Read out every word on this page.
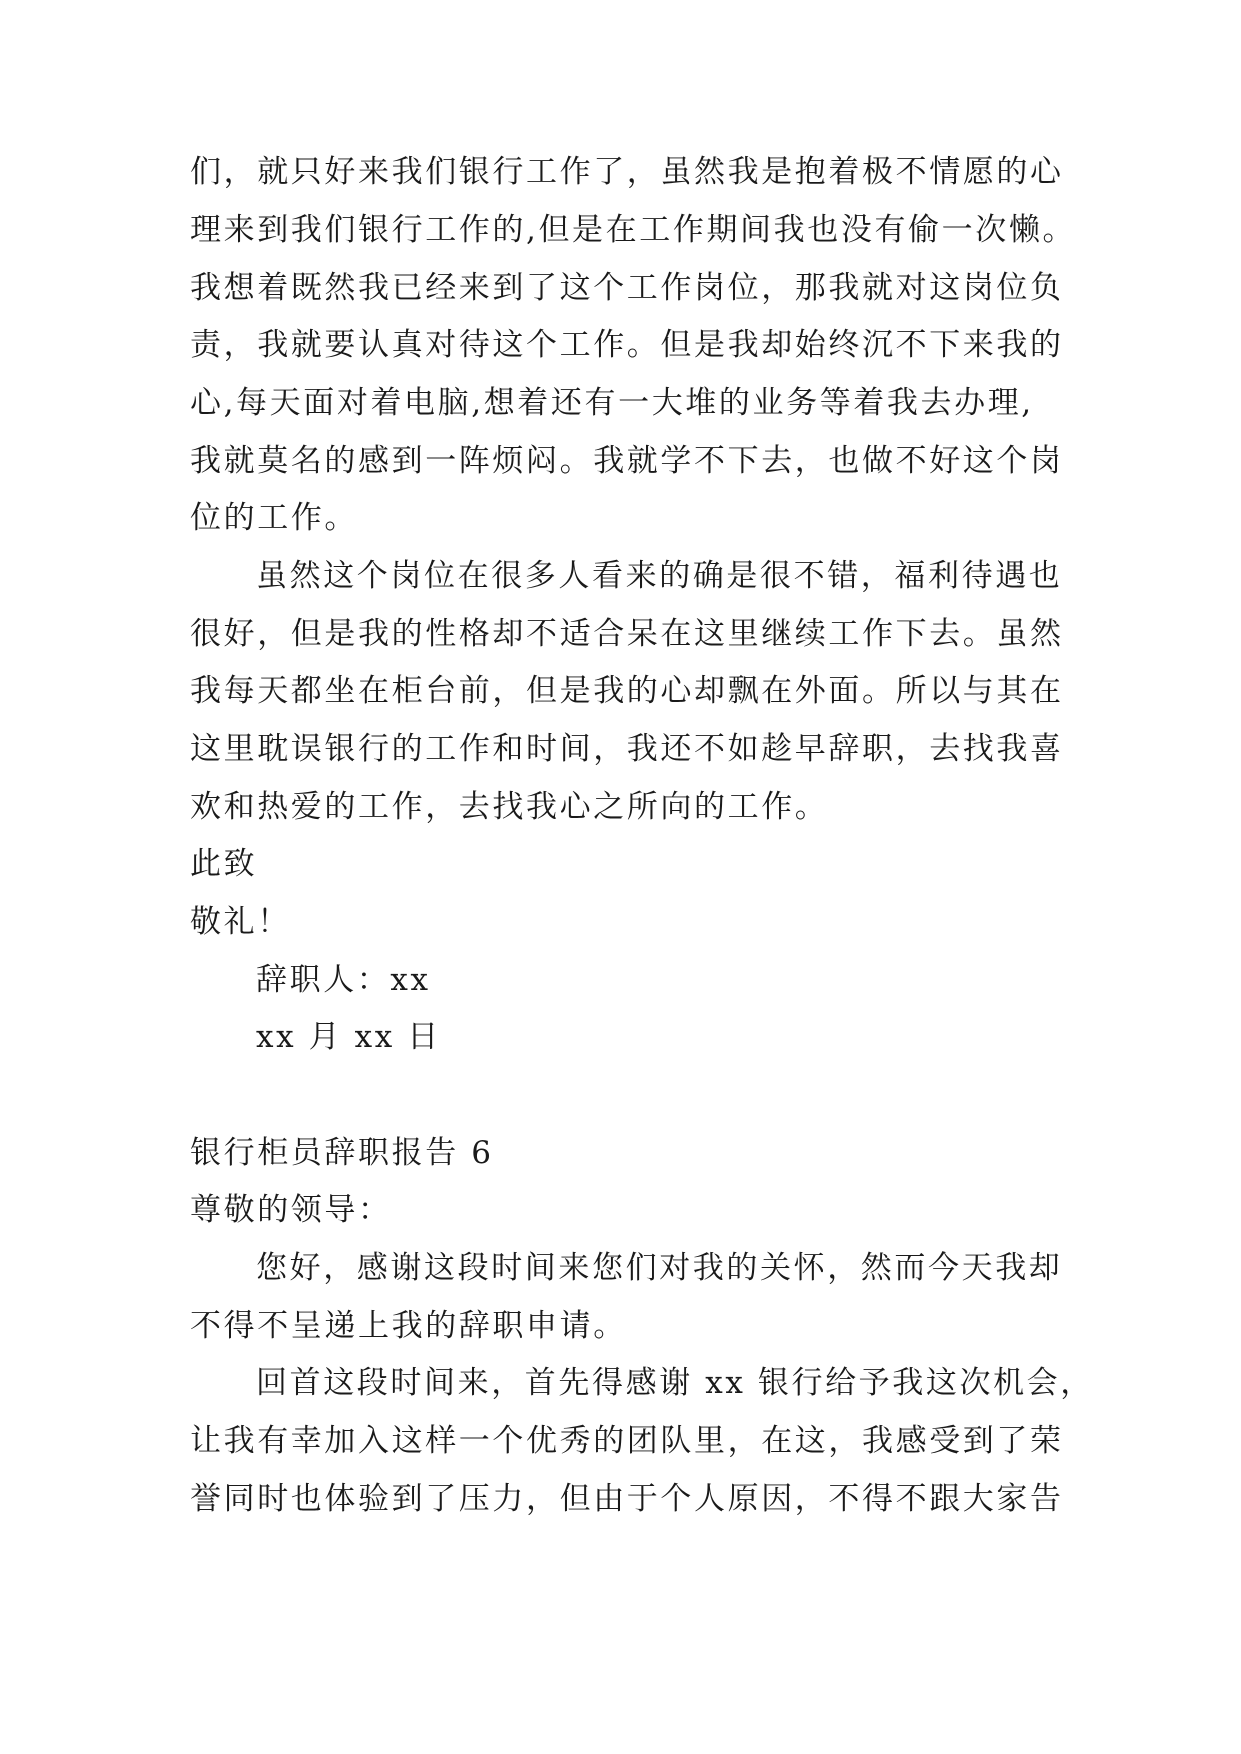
们，就只好来我们银行工作了，虽然我是抱着极不情愿的心
理来到我们银行工作的,但是在工作期间我也没有偷一次懒。
我想着既然我已经来到了这个工作岗位，那我就对这岗位负
责，我就要认真对待这个工作。但是我却始终沉不下来我的
心,每天面对着电脑,想着还有一大堆的业务等着我去办理,
我就莫名的感到一阵烦闷。我就学不下去，也做不好这个岗
位的工作。
虽然这个岗位在很多人看来的确是很不错，福利待遇也
很好，但是我的性格却不适合呆在这里继续工作下去。虽然
我每天都坐在柜台前，但是我的心却飘在外面。所以与其在
这里耽误银行的工作和时间，我还不如趁早辞职，去找我喜
欢和热爱的工作，去找我心之所向的工作。
此致
敬礼！
辞职人：xx
xx 月 xx 日
银行柜员辞职报告 6
尊敬的领导：
您好，感谢这段时间来您们对我的关怀，然而今天我却
不得不呈递上我的辞职申请。
回首这段时间来，首先得感谢 xx 银行给予我这次机会，
让我有幸加入这样一个优秀的团队里，在这，我感受到了荣
誉同时也体验到了压力，但由于个人原因，不得不跟大家告
